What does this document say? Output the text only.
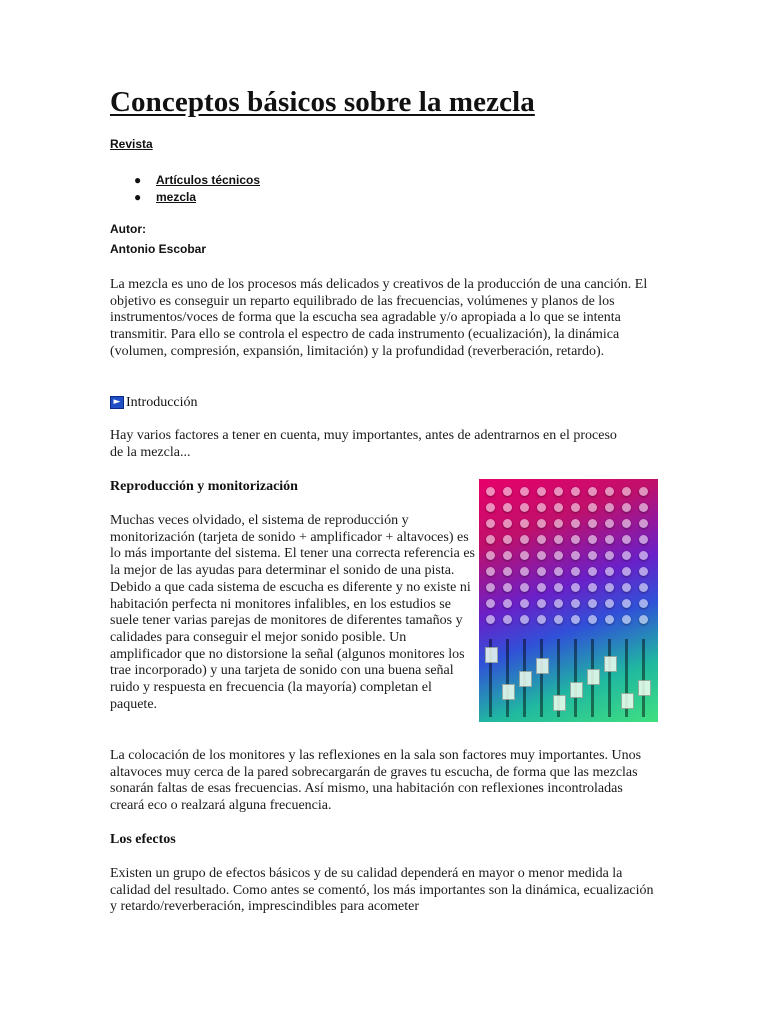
Conceptos básicos sobre la mezcla
Revista
● Artículos técnicos
● mezcla
Autor:
Antonio Escobar

La mezcla es uno de los procesos más delicados y creativos de la producción de una canción. El objetivo es conseguir un reparto equilibrado de las frecuencias, volúmenes y planos de los instrumentos/voces de forma que la escucha sea agradable y/o apropiada a lo que se intenta transmitir. Para ello se controla el espectro de cada instrumento (ecualización), la dinámica (volumen, compresión, expansión, limitación) y la profundidad (reverberación, retardo).

► Introducción

Hay varios factores a tener en cuenta, muy importantes, antes de adentrarnos en el proceso de la mezcla...

Reproducción y monitorización

Muchas veces olvidado, el sistema de reproducción y monitorización (tarjeta de sonido + amplificador + altavoces) es lo más importante del sistema. El tener una correcta referencia es la mejor de las ayudas para determinar el sonido de una pista. Debido a que cada sistema de escucha es diferente y no existe ni habitación perfecta ni monitores infalibles, en los estudios se suele tener varias parejas de monitores de diferentes tamaños y calidades para conseguir el mejor sonido posible. Un amplificador que no distorsione la señal (algunos monitores los trae incorporado) y una tarjeta de sonido con una buena señal ruido y respuesta en frecuencia (la mayoría) completan el paquete.

La colocación de los monitores y las reflexiones en la sala son factores muy importantes. Unos altavoces muy cerca de la pared sobrecargarán de graves tu escucha, de forma que las mezclas sonarán faltas de esas frecuencias. Así mismo, una habitación con reflexiones incontroladas creará eco o realzará alguna frecuencia.

Los efectos

Existen un grupo de efectos básicos y de su calidad dependerá en mayor o menor medida la calidad del resultado. Como antes se comentó, los más importantes son la dinámica, ecualización y retardo/reverberación, imprescindibles para acometer
